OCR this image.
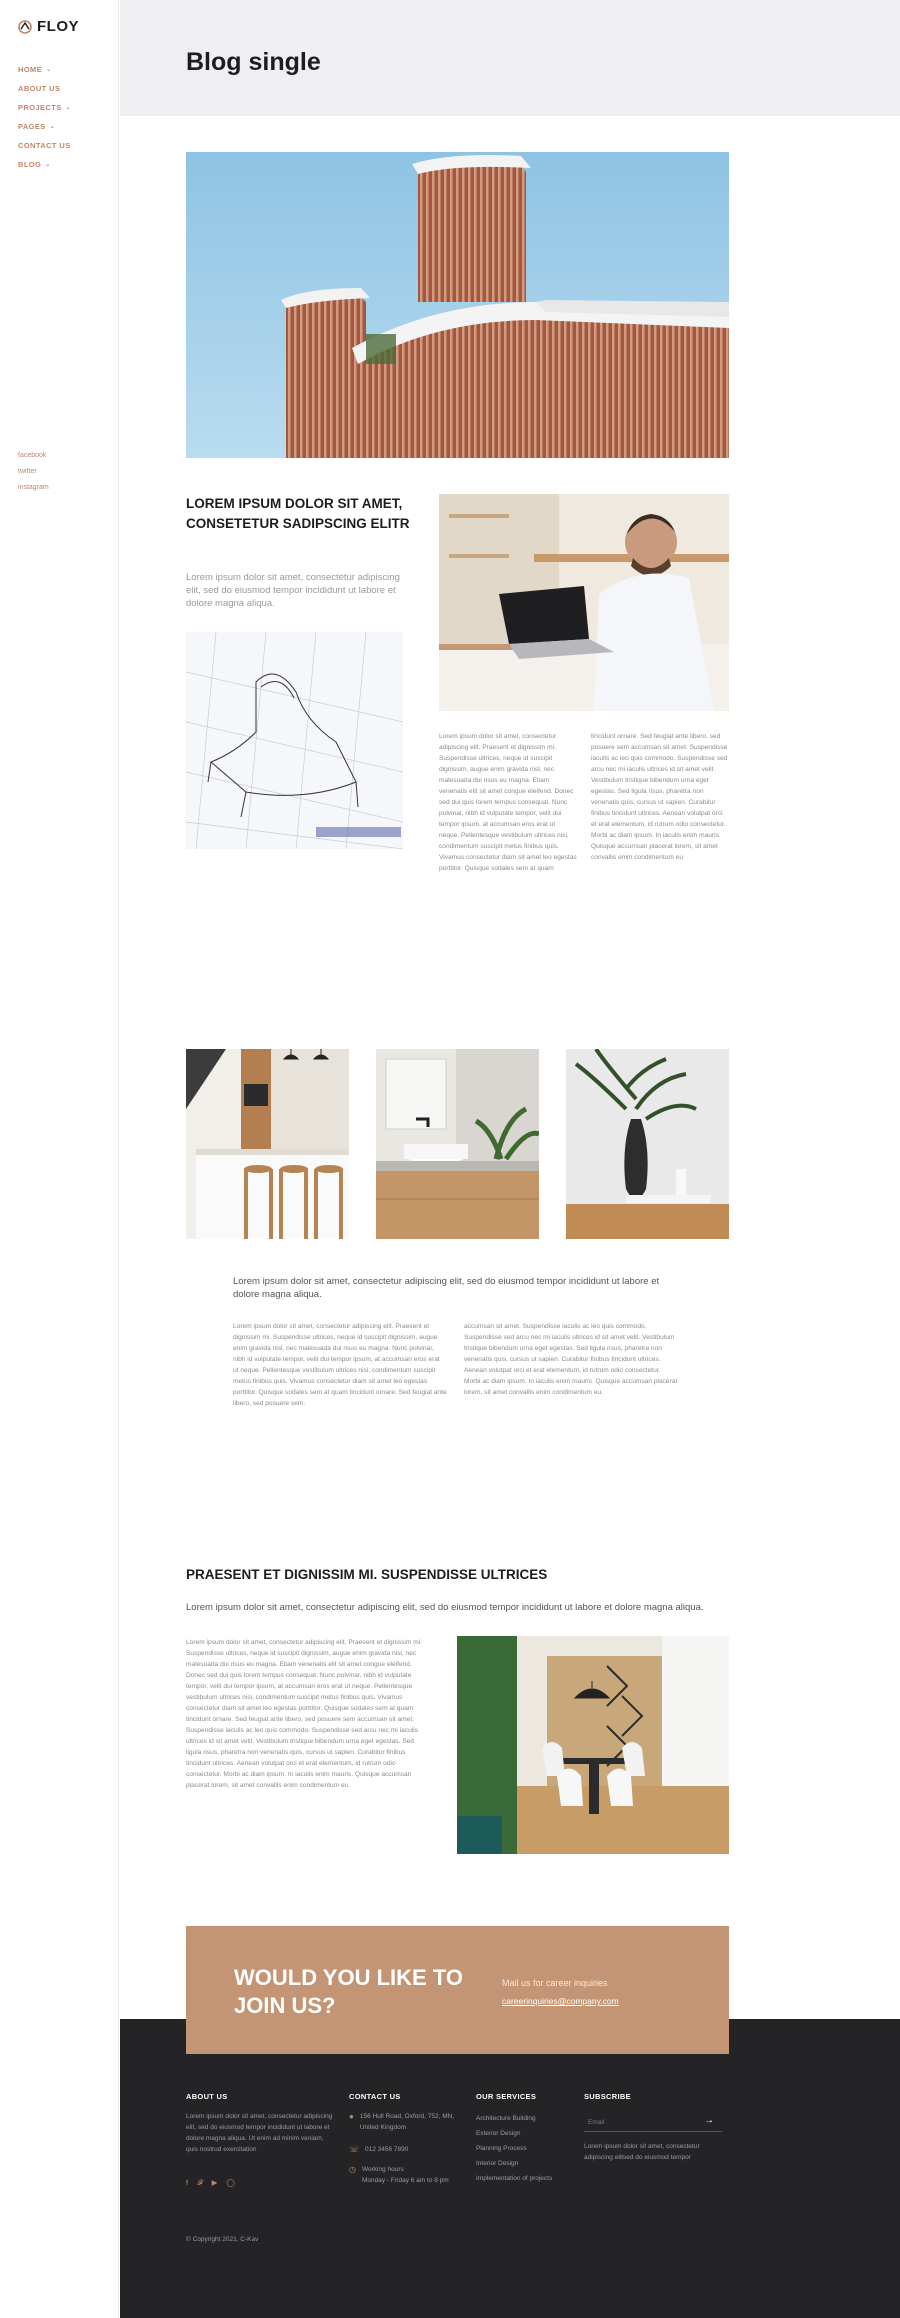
FLOY
HOME ⌄
ABOUT US
PROJECTS ⌄
PAGES ⌄
CONTACT US
BLOG ⌄
facebook
twitter
instagram
Blog single
LOREM IPSUM DOLOR SIT AMET, CONSETETUR SADIPSCING ELITR

Lorem ipsum dolor sit amet, consectetur adipiscing elit, sed do eiusmod tempor incididunt ut labore et dolore magna aliqua.

Lorem ipsum dolor sit amet, consectetur adipiscing elit. Praesent et dignissim mi. Suspendisse ultrices, neque id suscipit dignissim, augue enim gravida nisl, nec malesuada dui risus eu magna. Etiam venenatis elit sit amet congue eleifend. Donec sed dui quis lorem tempus consequat. Nunc pulvinar, nibh id vulputate tempor, velit dui tempor ipsum, at accumsan eros erat ut neque. Pellentesque vestibulum ultrices nisi, condimentum suscipit metus finibus quis. Vivamus consectetur diam sit amet leo egestas porttitor. Quisque sodales sem at quam

tincidunt ornare. Sed feugiat ante libero, sed posuere sem accumsan sit amet. Suspendisse iaculis ac leo quis commodo. Suspendisse sed arcu nec mi iaculis ultrices id sit amet velit. Vestibulum tristique bibendum urna eget egestas. Sed ligula risus, pharetra non venenatis quis, cursus ut sapien. Curabitur finibus tincidunt ultrices. Aenean volutpat orci et erat elementum, id rutrum odio consectetur. Morbi ac diam ipsum. In iaculis enim mauris. Quisque accumsan placerat lorem, sit amet convallis enim condimentum eu

Lorem ipsum dolor sit amet, consectetur adipiscing elit, sed do eiusmod tempor incididunt ut labore et dolore magna aliqua.

Lorem ipsum dolor sit amet, consectetur adipiscing elit. Praesent et dignissim mi. Suspendisse ultrices, neque id suscipit dignissim, augue enim gravida nisl, nec malesuada dui risus eu magna. Nunc pulvinar, nibh id vulputate tempor, velit dui tempor ipsum, at accumsan eros erat ut neque. Pellentesque vestibulum ultrices nisi, condimentum suscipit metus finibus quis. Vivamus consectetur diam sit amet leo egestas porttitor. Quisque sodales sem at quam tincidunt ornare. Sed feugiat ante libero, sed posuere sem.

accumsan sit amet. Suspendisse iaculis ac leo quis commodo. Suspendisse sed arcu nec mi iaculis ultrices id sit amet velit. Vestibulum tristique bibendum urna eget egestas. Sed ligula risus, pharetra non venenatis quis, cursus ut sapien. Curabitur finibus tincidunt ultrices. Aenean volutpat orci et erat elementum, id rutrum odio consectetur. Morbi ac diam ipsum. In iaculis enim mauris. Quisque accumsan placerat lorem, sit amet convallis enim condimentum eu.

PRAESENT ET DIGNISSIM MI. SUSPENDISSE ULTRICES

Lorem ipsum dolor sit amet, consectetur adipiscing elit, sed do eiusmod tempor incididunt ut labore et dolore magna aliqua.

Lorem ipsum dolor sit amet, consectetur adipiscing elit. Praesent et dignissim mi. Suspendisse ultrices, neque id suscipit dignissim, augue enim gravida nisl, nec malesuada dui risus eu magna. Etiam venenatis elit sit amet congue eleifend. Donec sed dui quis lorem tempus consequat. Nunc pulvinar, nibh id vulputate tempor, velit dui tempor ipsum, at accumsan eros erat ut neque. Pellentesque vestibulum ultrices nisi, condimentum suscipit metus finibus quis. Vivamus consectetur diam sit amet leo egestas porttitor. Quisque sodales sem at quam tincidunt ornare. Sed feugiat ante libero, sed posuere sem accumsan sit amet. Suspendisse iaculis ac leo quis commodo. Suspendisse sed arcu nec mi iaculis ultrices id sit amet velit. Vestibulum tristique bibendum urna eget egestas. Sed ligula risus, pharetra non venenatis quis, cursus ut sapien. Curabitur finibus tincidunt ultrices. Aenean volutpat orci et erat elementum, id rutrum odio consectetur. Morbi ac diam ipsum. In iaculis enim mauris. Quisque accumsan placerat lorem, sit amet convallis enim condimentum eu.

ABOUT US
Lorem ipsum dolor sit amet, consectetur adipiscing elit, sed do eiusmod tempor incididunt ut labore et dolore magna aliqua. Ut enim ad minim veniam, quis nostrud exercitation
f 𝓕 ▶ ◯
CONTACT US
● 156 Hull Road, Oxford, 752, MN, United Kingdom
☏ 012 3456 7890
◷ Working hours
Monday - Friday 6 am to 8 pm
OUR SERVICES
Architecture Building
Exterior Design
Planning Process
Interior Design
Implementation of projects
SUBSCRIBE
Email	→
Lorem ipsum dolor sit amet, consectetur adipiscing elitsed do eiusmod tempor
© Copyright 2021, C-Kav
WOULD YOU LIKE TO JOIN US?
Mail us for career inquiries
careerinquiries@company.com
